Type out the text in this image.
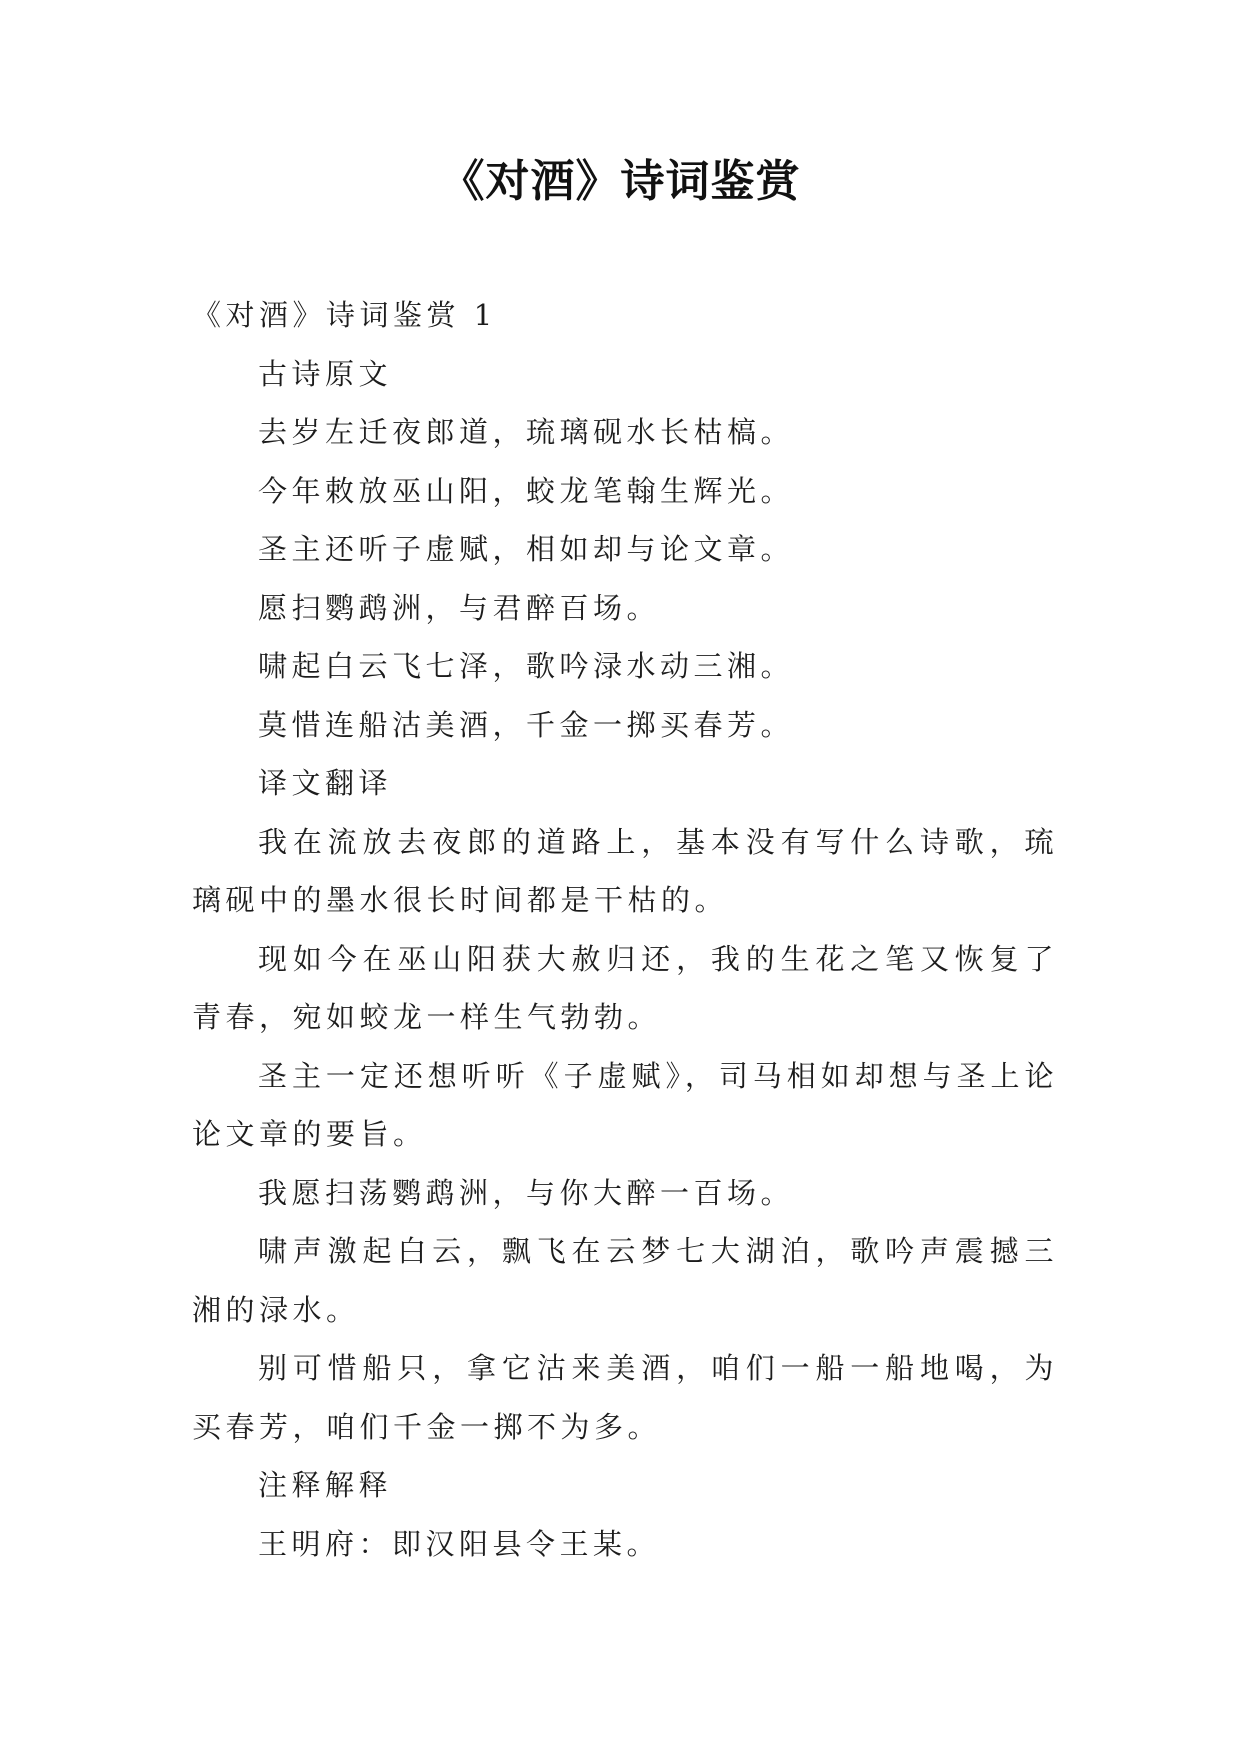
《对酒》诗词鉴赏

《对酒》诗词鉴赏 1

古诗原文

去岁左迁夜郎道，琉璃砚水长枯槁。

今年敕放巫山阳，蛟龙笔翰生辉光。

圣主还听子虚赋，相如却与论文章。

愿扫鹦鹉洲，与君醉百场。

啸起白云飞七泽，歌吟渌水动三湘。

莫惜连船沽美酒，千金一掷买春芳。

译文翻译

我在流放去夜郎的道路上，基本没有写什么诗歌，琉璃砚中的墨水很长时间都是干枯的。

现如今在巫山阳获大赦归还，我的生花之笔又恢复了青春，宛如蛟龙一样生气勃勃。

圣主一定还想听听《子虚赋》，司马相如却想与圣上论论文章的要旨。

我愿扫荡鹦鹉洲，与你大醉一百场。

啸声激起白云，飘飞在云梦七大湖泊，歌吟声震撼三湘的渌水。

别可惜船只，拿它沽来美酒，咱们一船一船地喝，为买春芳，咱们千金一掷不为多。

注释解释

王明府：即汉阳县令王某。
